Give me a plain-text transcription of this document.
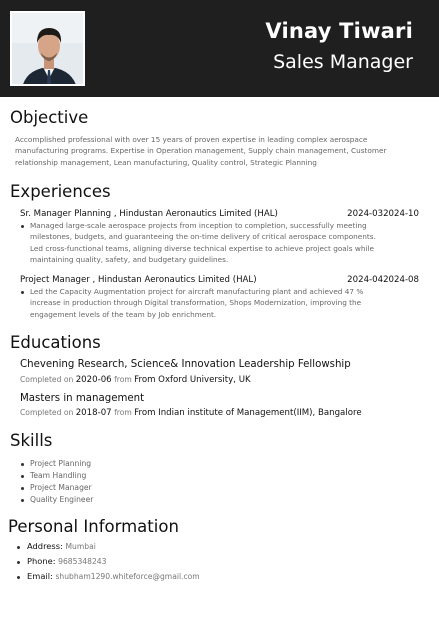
Vinay Tiwari
Sales Manager
Objective
Accomplished professional with over 15 years of proven expertise in leading complex aerospace
manufacturing programs. Expertise in Operation management, Supply chain management, Customer
relationship management, Lean manufacturing, Quality control, Strategic Planning
Experiences
Sr. Manager Planning , Hindustan Aeronautics Limited (HAL)	2024-032024-10
Managed large-scale aerospace projects from inception to completion, successfully meeting
milestones, budgets, and guaranteeing the on-time delivery of critical aerospace components.
Led cross-functional teams, aligning diverse technical expertise to achieve project goals while
maintaining quality, safety, and budgetary guidelines.
Project Manager , Hindustan Aeronautics Limited (HAL)	2024-042024-08
Led the Capacity Augmentation project for aircraft manufacturing plant and achieved 47 %
increase in production through Digital transformation, Shops Modernization, improving the
engagement levels of the team by Job enrichment.
Educations
Chevening Research, Science& Innovation Leadership Fellowship
Completed on 2020-06 from From Oxford University, UK
Masters in management
Completed on 2018-07 from From Indian institute of Management(IIM), Bangalore
Skills
Project Planning
Team Handling
Project Manager
Quality Engineer
Personal Information
Address: Mumbai
Phone: 9685348243
Email: shubham1290.whiteforce@gmail.com
